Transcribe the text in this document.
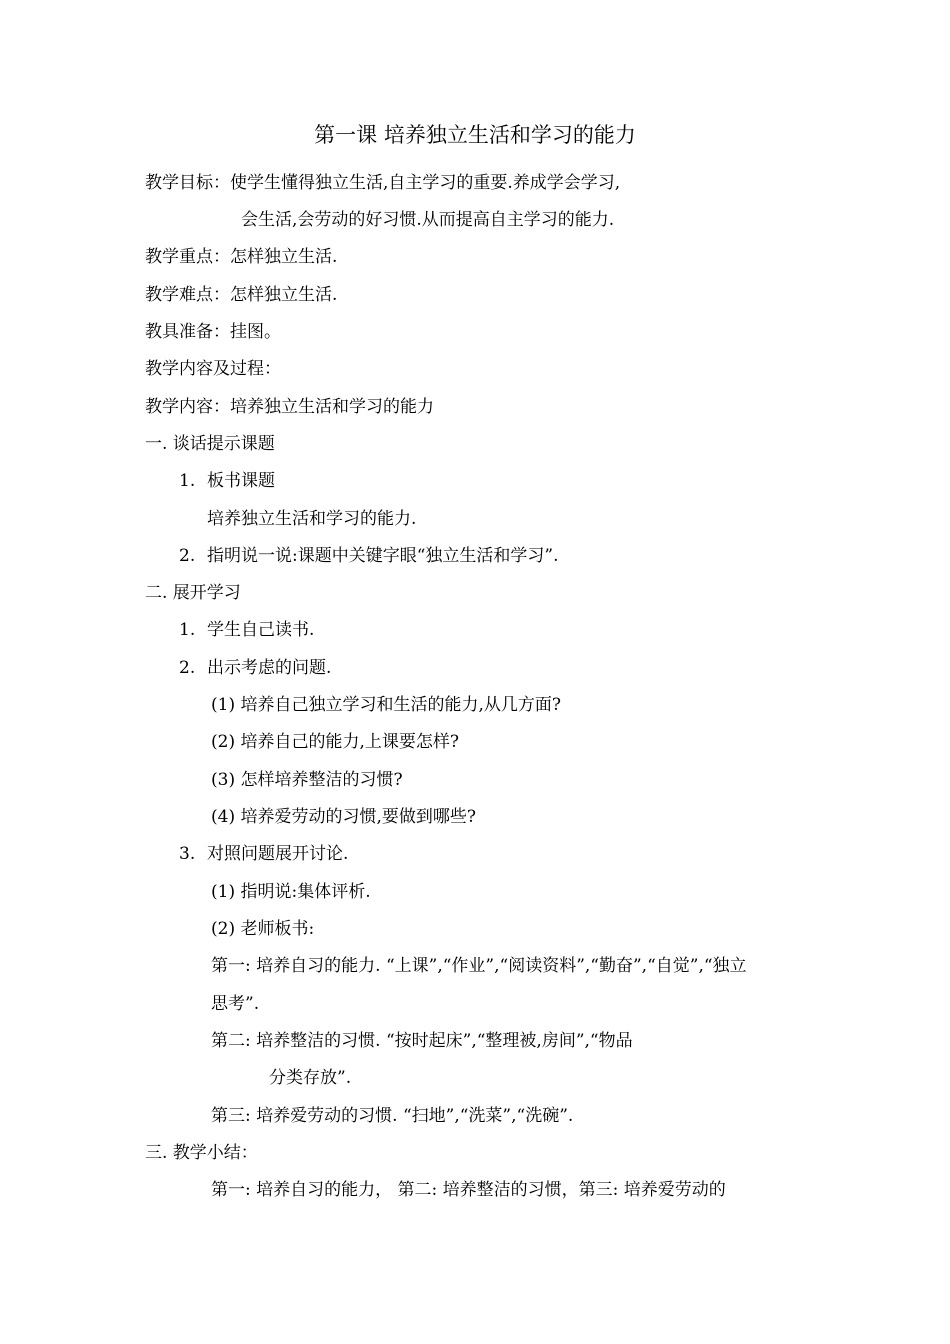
第一课 培养独立生活和学习的能力
教学目标：使学生懂得独立生活,自主学习的重要.养成学会学习,
会生活,会劳动的好习惯.从而提高自主学习的能力.
教学重点：怎样独立生活.
教学难点：怎样独立生活.
教具准备：挂图。
教学内容及过程：
教学内容：培养独立生活和学习的能力
一. 谈话提示课题
1. 板书课题
培养独立生活和学习的能力.
2. 指明说一说:课题中关键字眼“独立生活和学习”.
二. 展开学习
1. 学生自己读书.
2. 出示考虑的问题.
(1) 培养自己独立学习和生活的能力,从几方面?
(2) 培养自己的能力,上课要怎样?
(3) 怎样培养整洁的习惯?
(4) 培养爱劳动的习惯,要做到哪些?
3. 对照问题展开讨论.
(1) 指明说:集体评析.
(2) 老师板书:
第一: 培养自习的能力. “上课”,“作业”,“阅读资料”,“勤奋”,“自觉”,“独立
思考”.
第二: 培养整洁的习惯. “按时起床”,“整理被,房间”,“物品
分类存放”.
第三: 培养爱劳动的习惯. “扫地”,“洗菜”,“洗碗”.
三. 教学小结：
第一: 培养自习的能力， 第二: 培养整洁的习惯，第三: 培养爱劳动的
